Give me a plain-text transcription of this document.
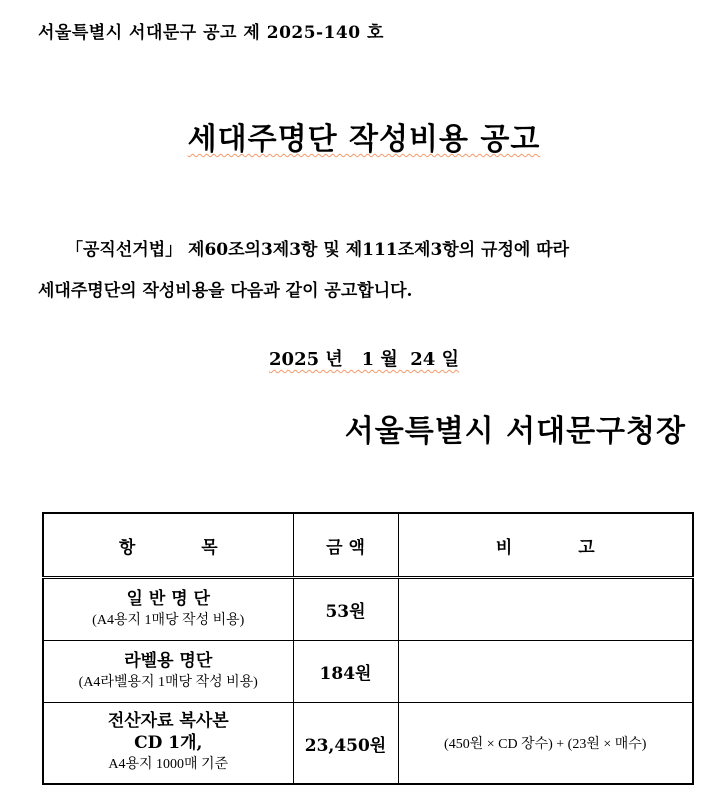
서울특별시 서대문구 공고 제 2025-140 호
세대주명단 작성비용 공고
「공직선거법」 제60조의3제3항 및 제111조제3항의 규정에 따라
세대주명단의 작성비용을 다음과 같이 공고합니다.
2025 년   1 월  24 일
서울특별시 서대문구청장
항 목	금 액	비 고

일 반 명 단
(A4용지 1매당 작성 비용)	53원	

라벨용 명단
(A4라벨용지 1매당 작성 비용)	184원	

전산자료 복사본
CD 1개,
A4용지 1000매 기준	23,450원	(450원 × CD 장수) + (23원 × 매수)
